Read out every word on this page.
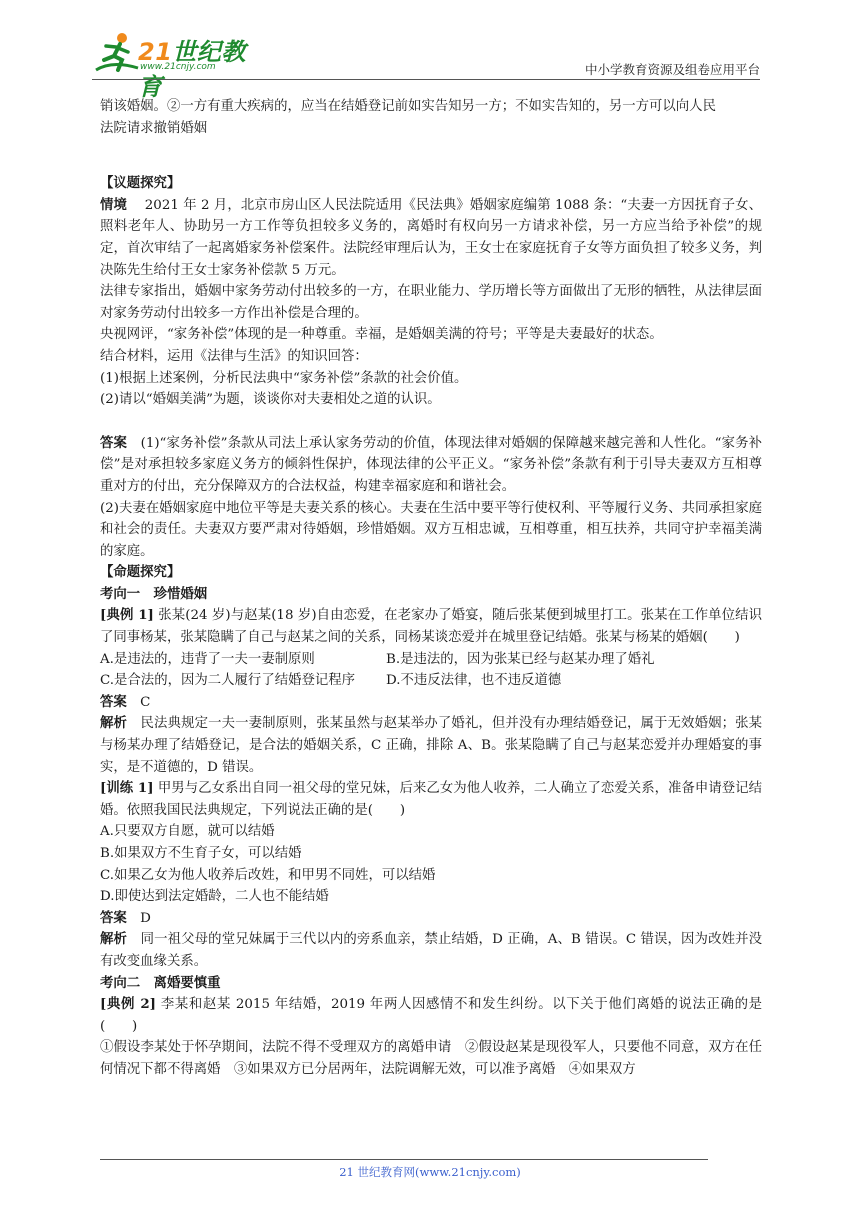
21世纪教育
www.21cnjy.com	中小学教育资源及组卷应用平台

销该婚姻。②一方有重大疾病的，应当在结婚登记前如实告知另一方；不如实告知的，另一方可以向人民

法院请求撤销婚姻

【议题探究】

情境　 2021 年 2 月，北京市房山区人民法院适用《民法典》婚姻家庭编第 1088 条：“夫妻一方因抚育子女、照料老年人、协助另一方工作等负担较多义务的，离婚时有权向另一方请求补偿，另一方应当给予补偿”的规定，首次审结了一起离婚家务补偿案件。法院经审理后认为，王女士在家庭抚育子女等方面负担了较多义务，判决陈先生给付王女士家务补偿款 5 万元。

法律专家指出，婚姻中家务劳动付出较多的一方，在职业能力、学历增长等方面做出了无形的牺牲，从法律层面对家务劳动付出较多一方作出补偿是合理的。

央视网评，“家务补偿”体现的是一种尊重。幸福，是婚姻美满的符号；平等是夫妻最好的状态。

结合材料，运用《法律与生活》的知识回答：

(1)根据上述案例，分析民法典中“家务补偿”条款的社会价值。

(2)请以“婚姻美满”为题，谈谈你对夫妻相处之道的认识。

答案　 (1)“家务补偿”条款从司法上承认家务劳动的价值，体现法律对婚姻的保障越来越完善和人性化。“家务补偿”是对承担较多家庭义务方的倾斜性保护，体现法律的公平正义。“家务补偿”条款有利于引导夫妻双方互相尊重对方的付出，充分保障双方的合法权益，构建幸福家庭和和谐社会。

(2)夫妻在婚姻家庭中地位平等是夫妻关系的核心。夫妻在生活中要平等行使权利、平等履行义务、共同承担家庭和社会的责任。夫妻双方要严肃对待婚姻，珍惜婚姻。双方互相忠诚，互相尊重，相互扶养，共同守护幸福美满的家庭。

【命题探究】

考向一　珍惜婚姻

[典例 1] 张某(24 岁)与赵某(18 岁)自由恋爱，在老家办了婚宴，随后张某便到城里打工。张某在工作单位结识了同事杨某，张某隐瞒了自己与赵某之间的关系，同杨某谈恋爱并在城里登记结婚。张某与杨某的婚姻(　　)

A.是违法的，违背了一夫一妻制原则	B.是违法的，因为张某已经与赵某办理了婚礼
C.是合法的，因为二人履行了结婚登记程序	D.不违反法律，也不违反道德

答案　 C

解析　 民法典规定一夫一妻制原则，张某虽然与赵某举办了婚礼，但并没有办理结婚登记，属于无效婚姻；张某与杨某办理了结婚登记，是合法的婚姻关系，C 正确，排除 A、B。张某隐瞒了自己与赵某恋爱并办理婚宴的事实，是不道德的，D 错误。

[训练 1] 甲男与乙女系出自同一祖父母的堂兄妹，后来乙女为他人收养，二人确立了恋爱关系，准备申请登记结婚。依照我国民法典规定，下列说法正确的是(　　)

A.只要双方自愿，就可以结婚

B.如果双方不生育子女，可以结婚

C.如果乙女为他人收养后改姓，和甲男不同姓，可以结婚

D.即使达到法定婚龄，二人也不能结婚

答案　 D

解析　 同一祖父母的堂兄妹属于三代以内的旁系血亲，禁止结婚，D 正确，A、B 错误。C 错误，因为改姓并没有改变血缘关系。

考向二　离婚要慎重

[典例 2] 李某和赵某 2015 年结婚，2019 年两人因感情不和发生纠纷。以下关于他们离婚的说法正确的是(　　)

①假设李某处于怀孕期间，法院不得不受理双方的离婚申请　②假设赵某是现役军人，只要他不同意，双方在任何情况下都不得离婚　③如果双方已分居两年，法院调解无效，可以准予离婚　④如果双方

21 世纪教育网(www.21cnjy.com)
